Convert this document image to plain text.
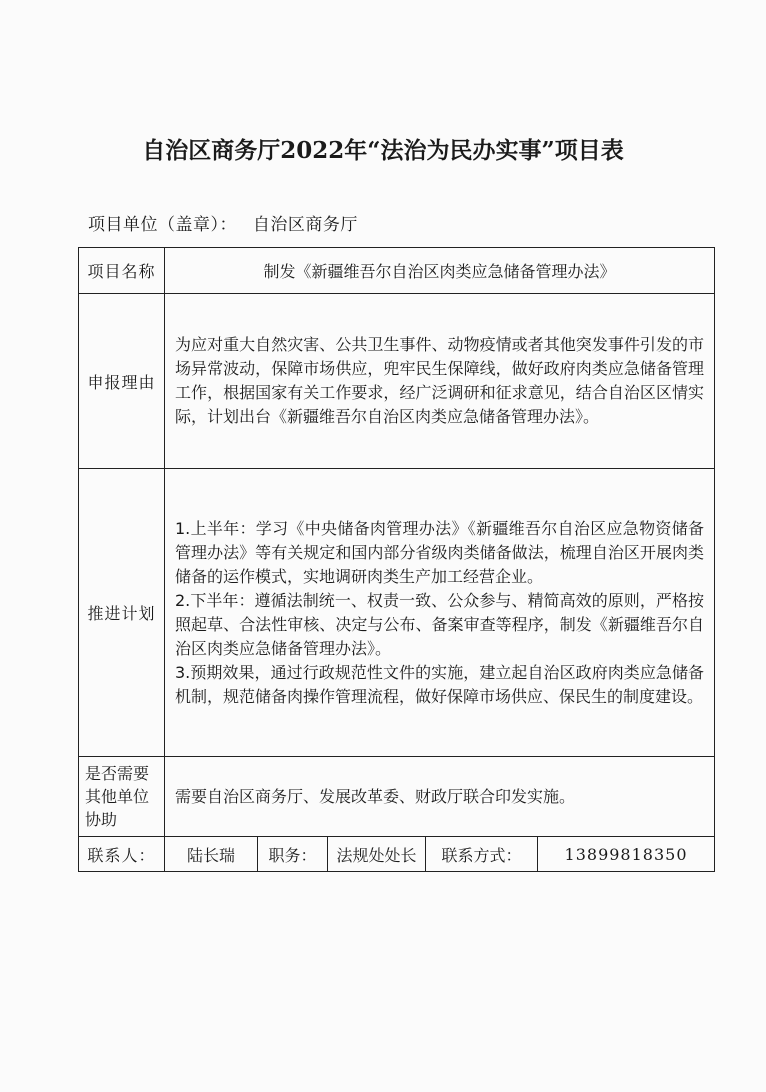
自治区商务厅2022年“法治为民办实事”项目表
项目单位（盖章）： 自治区商务厅
项目名称	制发《新疆维吾尔自治区肉类应急储备管理办法》				
申报理由	为应对重大自然灾害、公共卫生事件、动物疫情或者其他突发事件引发的市场异常波动，保障市场供应，兜牢民生保障线，做好政府肉类应急储备管理工作，根据国家有关工作要求，经广泛调研和征求意见，结合自治区区情实际，计划出台《新疆维吾尔自治区肉类应急储备管理办法》。				
推进计划	1.上半年：学习《中央储备肉管理办法》《新疆维吾尔自治区应急物资储备管理办法》等有关规定和国内部分省级肉类储备做法，梳理自治区开展肉类储备的运作模式，实地调研肉类生产加工经营企业。

2.下半年：遵循法制统一、权责一致、公众参与、精简高效的原则，严格按照起草、合法性审核、决定与公布、备案审查等程序，制发《新疆维吾尔自治区肉类应急储备管理办法》。

3.预期效果，通过行政规范性文件的实施，建立起自治区政府肉类应急储备机制，规范储备肉操作管理流程，做好保障市场供应、保民生的制度建设。				

是否需要其他单位协助	需要自治区商务厅、发展改革委、财政厅联合印发实施。				
联系人：	陆长瑞	职务：	法规处处长	联系方式：	13899818350
